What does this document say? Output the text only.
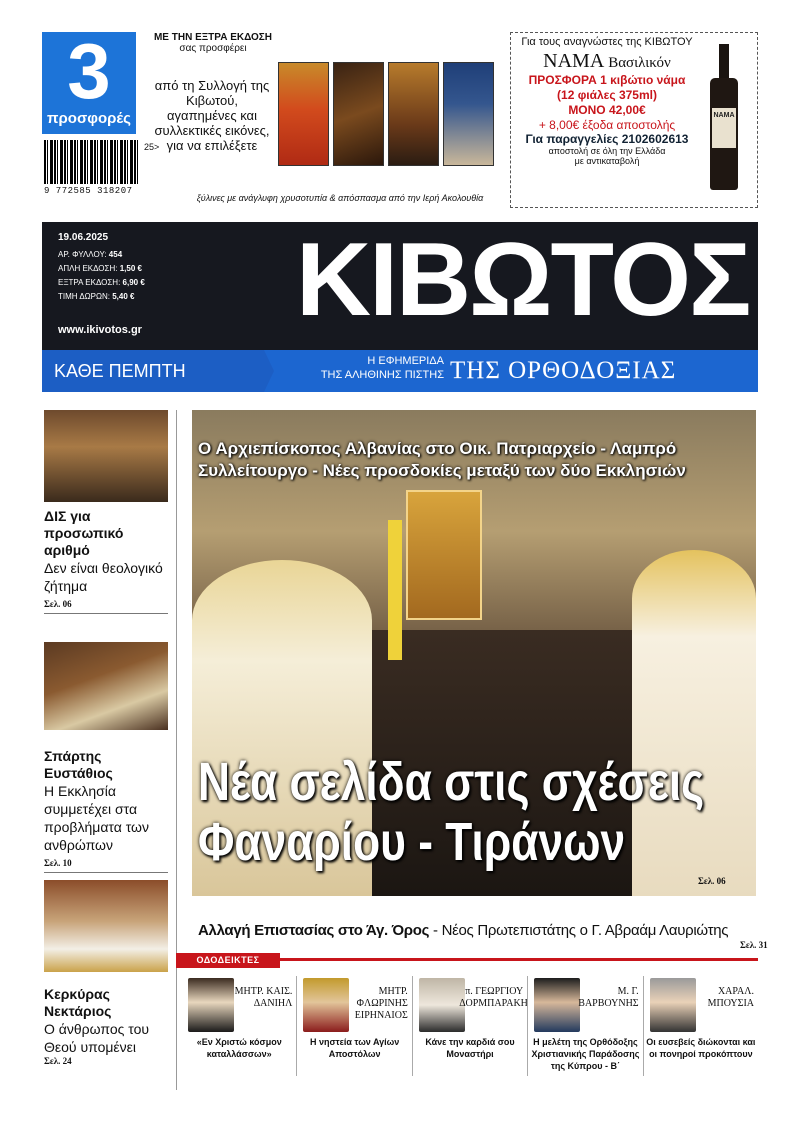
3
προσφορές
9 772585 318207
25>
ΜΕ ΤΗΝ ΕΞΤΡΑ ΕΚΔΟΣΗ
σας προσφέρει
από τη Συλλογή της Κιβωτού, αγαπημένες και συλλεκτικές εικόνες, για να επιλέξετε
ξύλινες με ανάγλυφη χρυσοτυπία & απόσπασμα από την Ιερή Ακολουθία
Για τους αναγνώστες της ΚΙΒΩΤΟΥ
ΝΑΜΑ Βασιλικόν
ΠΡΟΣΦΟΡΑ 1 κιβώτιο νάμα
(12 φιάλες 375ml)
ΜΟΝΟ 42,00€
+ 8,00€ έξοδα αποστολής
Για παραγγελίες 2102602613
αποστολή σε όλη την Ελλάδα
με αντικαταβολή
ΝΑΜΑ
19.06.2025
ΑΡ. ΦΥΛΛΟΥ: 454
ΑΠΛΗ ΕΚΔΟΣΗ: 1,50 €
ΕΞΤΡΑ ΕΚΔΟΣΗ: 6,90 €
ΤΙΜΗ ΔΩΡΩΝ: 5,40 €
www.ikivotos.gr ΚΙΒΩΤΟΣ
ΚΑΘΕ ΠΕΜΠΤΗ	Η ΕΦΗΜΕΡΙΔΑ
ΤΗΣ ΑΛΗΘΙΝΗΣ ΠΙΣΤΗΣ ΤΗΣ ΟΡΘΟΔΟΞΙΑΣ
ΔΙΣ για
προσωπικό αριθμό
Δεν είναι θεολογικό ζήτημα
Σελ. 06
Σπάρτης Ευστάθιος
Η Εκκλησία συμμετέχει στα προβλήματα των ανθρώπων
Σελ. 10
Κερκύρας
Νεκτάριος
Ο άνθρωπος του Θεού υπομένει
Σελ. 24
Ο Αρχιεπίσκοπος Αλβανίας στο Οικ. Πατριαρχείο - Λαμπρό Συλλείτουργο - Νέες προσδοκίες μεταξύ των δύο Εκκλησιών
Νέα σελίδα στις σχέσεις
Φαναρίου - Τιράνων
Σελ. 06
Αλλαγή Επιστασίας στο Άγ. Όρος - Νέος Πρωτεπιστάτης ο Γ. Αβραάμ Λαυριώτης
Σελ. 31
ΟΔΟΔΕΙΚΤΕΣ
ΜΗΤΡ. ΚΑΙΣ. ΔΑΝΙΗΛ
«Εν Χριστώ κόσμον καταλλάσσων»
ΜΗΤΡ. ΦΛΩΡΙΝΗΣ ΕΙΡΗΝΑΙΟΣ
Η νηστεία των Αγίων Αποστόλων
π. ΓΕΩΡΓΙΟΥ ΔΟΡΜΠΑΡΑΚΗ
Κάνε την καρδιά σου Μοναστήρι
Μ. Γ. ΒΑΡΒΟΥΝΗΣ
Η μελέτη της Ορθόδοξης Χριστιανικής Παράδοσης της Κύπρου - Β΄
ΧΑΡΑΛ. ΜΠΟΥΣΙΑ
Οι ευσεβείς διώκονται και οι πονηροί προκόπτουν
